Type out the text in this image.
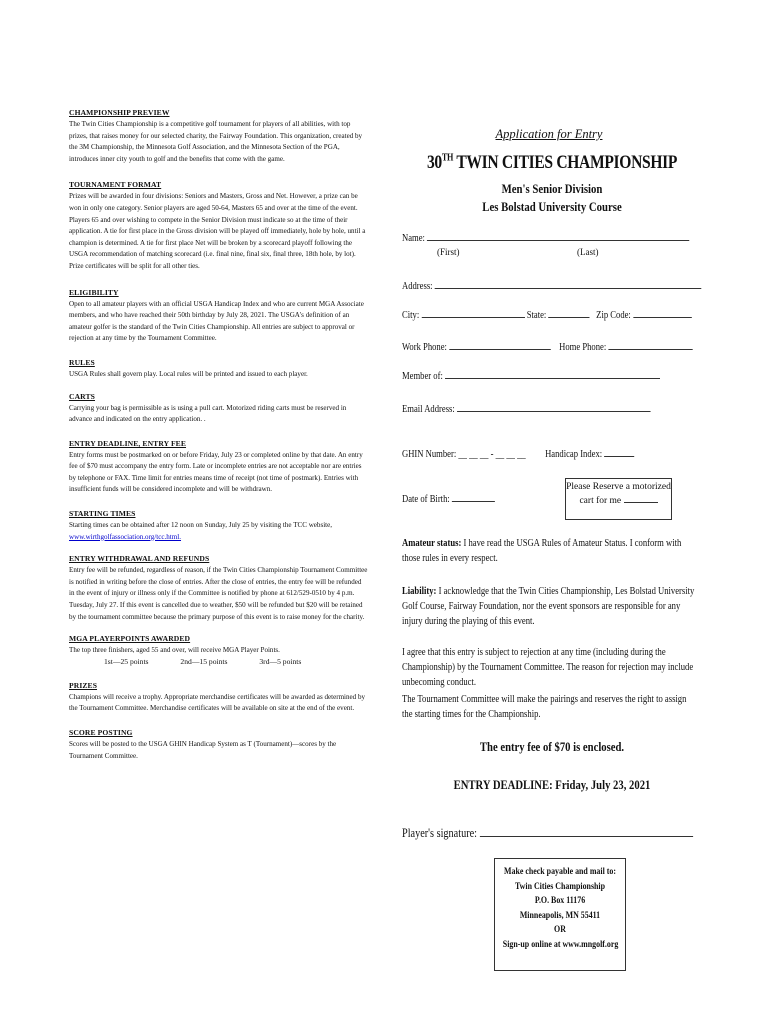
CHAMPIONSHIP PREVIEW
The Twin Cities Championship is a competitive golf tournament for players of all abilities, with top prizes, that raises money for our selected charity, the Fairway Foundation. This organization, created by the 3M Championship, the Minnesota Golf Association, and the Minnesota Section of the PGA, introduces inner city youth to golf and the benefits that come with the game.
TOURNAMENT FORMAT
Prizes will be awarded in four divisions: Seniors and Masters, Gross and Net. However, a prize can be won in only one category. Senior players are aged 50-64, Masters 65 and over at the time of the event. Players 65 and over wishing to compete in the Senior Division must indicate so at the time of their application. A tie for first place in the Gross division will be played off immediately, hole by hole, until a champion is determined. A tie for first place Net will be broken by a scorecard playoff following the USGA recommendation of matching scorecard (i.e. final nine, final six, final three, 18th hole, by lot). Prize certificates will be split for all other ties.
ELIGIBILITY
Open to all amateur players with an official USGA Handicap Index and who are current MGA Associate members, and who have reached their 50th birthday by July 28, 2021. The USGA's definition of an amateur golfer is the standard of the Twin Cities Championship. All entries are subject to approval or rejection at any time by the Tournament Committee.
RULES
USGA Rules shall govern play. Local rules will be printed and issued to each player.
CARTS
Carrying your bag is permissible as is using a pull cart. Motorized riding carts must be reserved in advance and indicated on the entry application. .
ENTRY DEADLINE, ENTRY FEE
Entry forms must be postmarked on or before Friday, July 23 or completed online by that date. An entry fee of $70 must accompany the entry form. Late or incomplete entries are not acceptable nor are entries by telephone or FAX. Time limit for entries means time of receipt (not time of postmark). Entries with insufficient funds will be considered incomplete and will be withdrawn.
STARTING TIMES
Starting times can be obtained after 12 noon on Sunday, July 25 by visiting the TCC website,
www.wirthgolfassociation.org/tcc.html.
ENTRY WITHDRAWAL AND REFUNDS
Entry fee will be refunded, regardless of reason, if the Twin Cities Championship Tournament Committee is notified in writing before the close of entries. After the close of entries, the entry fee will be refunded in the event of injury or illness only if the Committee is notified by phone at 612/529-0510 by 4 p.m. Tuesday, July 27. If this event is cancelled due to weather, $50 will be refunded but $20 will be retained by the tournament committee because the primary purpose of this event is to raise money for the charity.
MGA PLAYERPOINTS AWARDED
The top three finishers, aged 55 and over, will receive MGA Player Points.
1st—25 points	2nd—15 points	3rd—5 points
PRIZES
Champions will receive a trophy. Appropriate merchandise certificates will be awarded as determined by the Tournament Committee. Merchandise certificates will be available on site at the end of the event.
SCORE POSTING
Scores will be posted to the USGA GHIN Handicap System as T (Tournament)—scores by the Tournament Committee.
Application for Entry
30TH TWIN CITIES CHAMPIONSHIP
Men's Senior Division
Les Bolstad University Course
Name:
(First)	(Last)
Address:
City:	State:	Zip Code:
Work Phone:	Home Phone:
Member of:
Email Address:
GHIN Number: __ __ __ - __ __ __ Handicap Index:
Date of Birth:
Please Reserve a motorized
cart for me
Amateur status: I have read the USGA Rules of Amateur Status. I conform with those rules in every respect.
Liability: I acknowledge that the Twin Cities Championship, Les Bolstad University Golf Course, Fairway Foundation, nor the event sponsors are responsible for any injury during the playing of this event.
I agree that this entry is subject to rejection at any time (including during the Championship) by the Tournament Committee. The reason for rejection may include unbecoming conduct.
The Tournament Committee will make the pairings and reserves the right to assign the starting times for the Championship.
The entry fee of $70 is enclosed.
ENTRY DEADLINE: Friday, July 23, 2021
Player's signature:
Make check payable and mail to:
Twin Cities Championship
P.O. Box 11176
Minneapolis, MN 55411
OR
Sign-up online at www.mngolf.org
